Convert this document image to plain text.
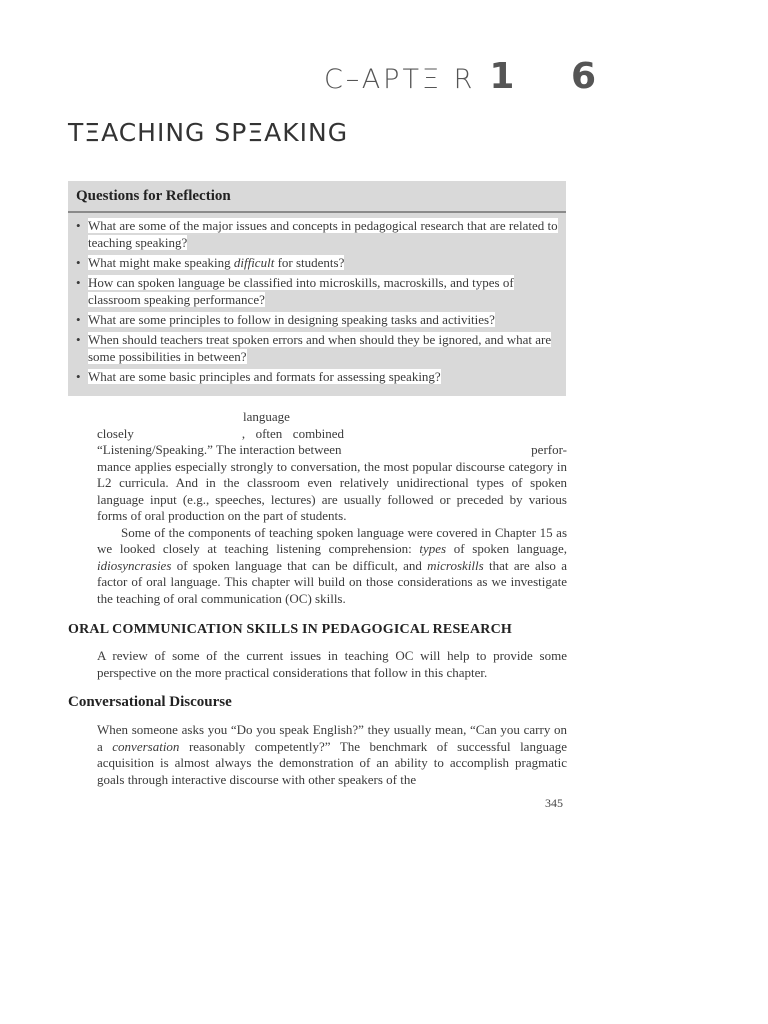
C–APTΞ R 1 6
TΞACHING SPΞAKING
Questions for Reflection
• What are some of the major issues and concepts in pedagogical research that are related to teaching speaking?
• What might make speaking difficult for students?
• How can spoken language be classified into microskills, macroskills, and types of classroom speaking performance?
• What are some principles to follow in designing speaking tasks and activities?
• When should teachers treat spoken errors and when should they be ignored, and what are some possibilities in between?
• What are some basic principles and formats for assessing speaking?

language
closely	, often combined
“Listening/Speaking.” The interaction between	perfor-
mance applies especially strongly to conversation, the most popular discourse category in L2 curricula. And in the classroom even relatively unidirectional types of spoken language input (e.g., speeches, lectures) are usually followed or preceded by various forms of oral production on the part of students.

Some of the components of teaching spoken language were covered in Chapter 15 as we looked closely at teaching listening comprehension: types of spoken language, idiosyncrasies of spoken language that can be difficult, and microskills that are also a factor of oral language. This chapter will build on those considerations as we investigate the teaching of oral communication (OC) skills.

ORAL COMMUNICATION SKILLS IN PEDAGOGICAL RESEARCH

A review of some of the current issues in teaching OC will help to provide some perspective on the more practical considerations that follow in this chapter.

Conversational Discourse

When someone asks you “Do you speak English?” they usually mean, “Can you carry on a conversation reasonably competently?” The benchmark of successful language acquisition is almost always the demonstration of an ability to accomplish pragmatic goals through interactive discourse with other speakers of the

345
